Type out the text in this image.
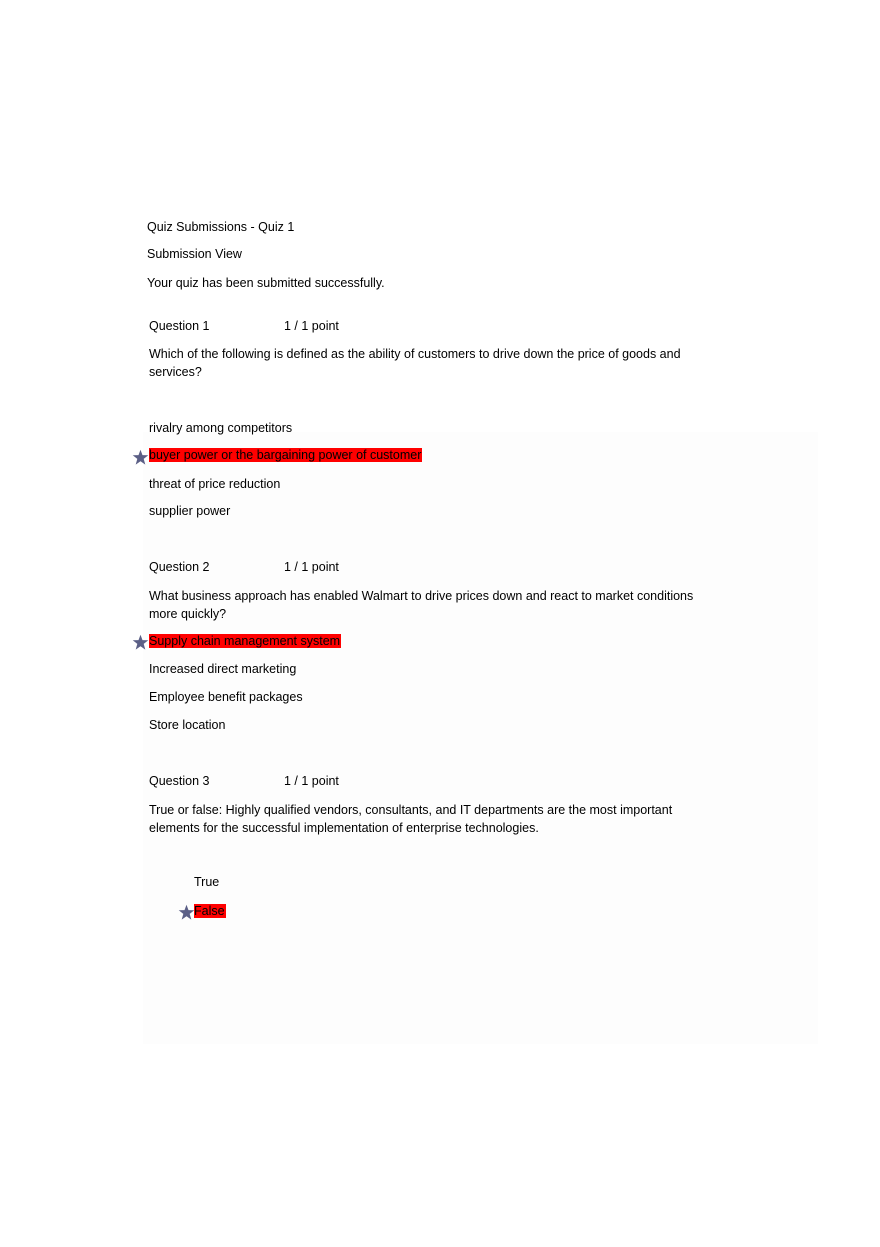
Quiz Submissions - Quiz 1
Submission View
Your quiz has been submitted successfully.
Question 1	1 / 1 point
Which of the following is defined as the ability of customers to drive down the price of goods and services?
rivalry among competitors
buyer power or the bargaining power of customer
threat of price reduction
supplier power
Question 2	1 / 1 point
What business approach has enabled Walmart to drive prices down and react to market conditions more quickly?
Supply chain management system
Increased direct marketing
Employee benefit packages
Store location
Question 3	1 / 1 point
True or false: Highly qualified vendors, consultants, and IT departments are the most important elements for the successful implementation of enterprise technologies.
True
False
